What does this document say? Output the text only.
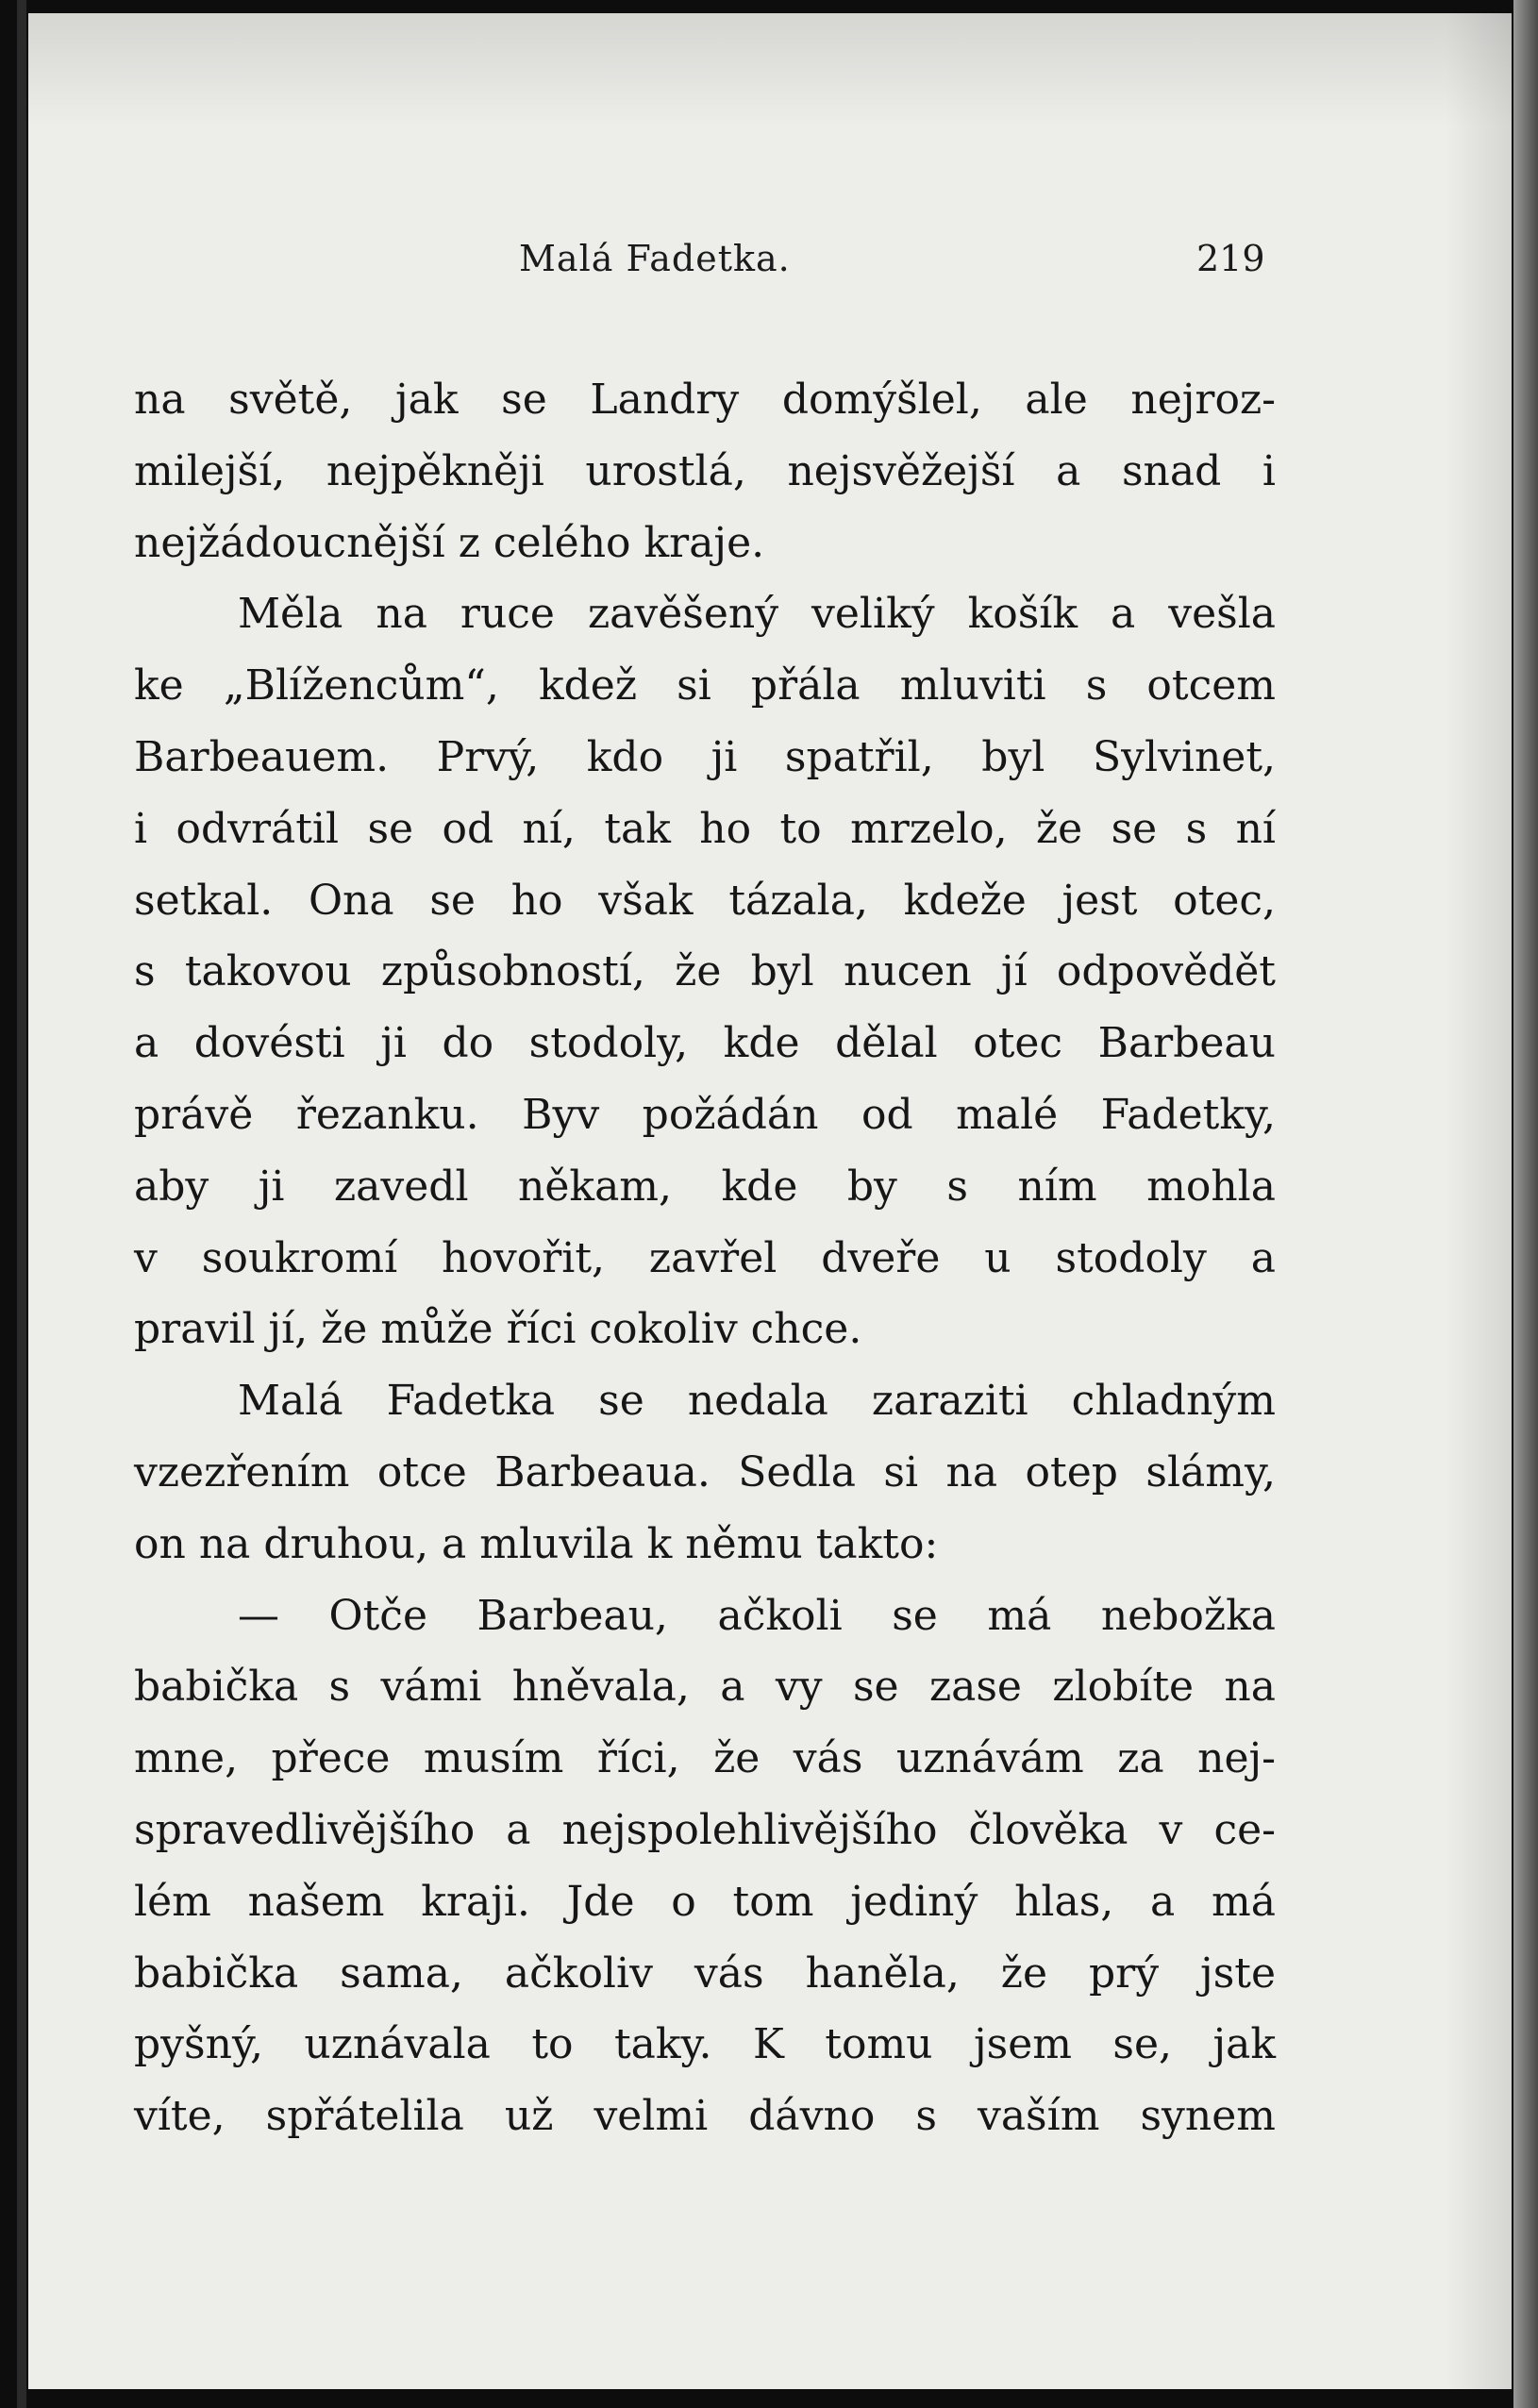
Malá Fadetka.	219
na světě, jak se Landry domýšlel, ale nejroz-
milejší, nejpěkněji urostlá, nejsvěžejší a snad i
nejžádoucnější z celého kraje.
Měla na ruce zavěšený veliký košík a vešla
ke „Blížencům“, kdež si přála mluviti s otcem
Barbeauem. Prvý, kdo ji spatřil, byl Sylvinet,
i odvrátil se od ní, tak ho to mrzelo, že se s ní
setkal. Ona se ho však tázala, kdeže jest otec,
s takovou způsobností, že byl nucen jí odpovědět
a dovésti ji do stodoly, kde dělal otec Barbeau
právě řezanku. Byv požádán od malé Fadetky,
aby ji zavedl někam, kde by s ním mohla
v soukromí hovořit, zavřel dveře u stodoly a
pravil jí, že může říci cokoliv chce.
Malá Fadetka se nedala zaraziti chladným
vzezřením otce Barbeaua. Sedla si na otep slámy,
on na druhou, a mluvila k němu takto:
— Otče Barbeau, ačkoli se má nebožka
babička s vámi hněvala, a vy se zase zlobíte na
mne, přece musím říci, že vás uznávám za nej-
spravedlivějšího a nejspolehlivějšího člověka v ce-
lém našem kraji. Jde o tom jediný hlas, a má
babička sama, ačkoliv vás haněla, že prý jste
pyšný, uznávala to taky. K tomu jsem se, jak
víte, spřátelila už velmi dávno s vaším synem
